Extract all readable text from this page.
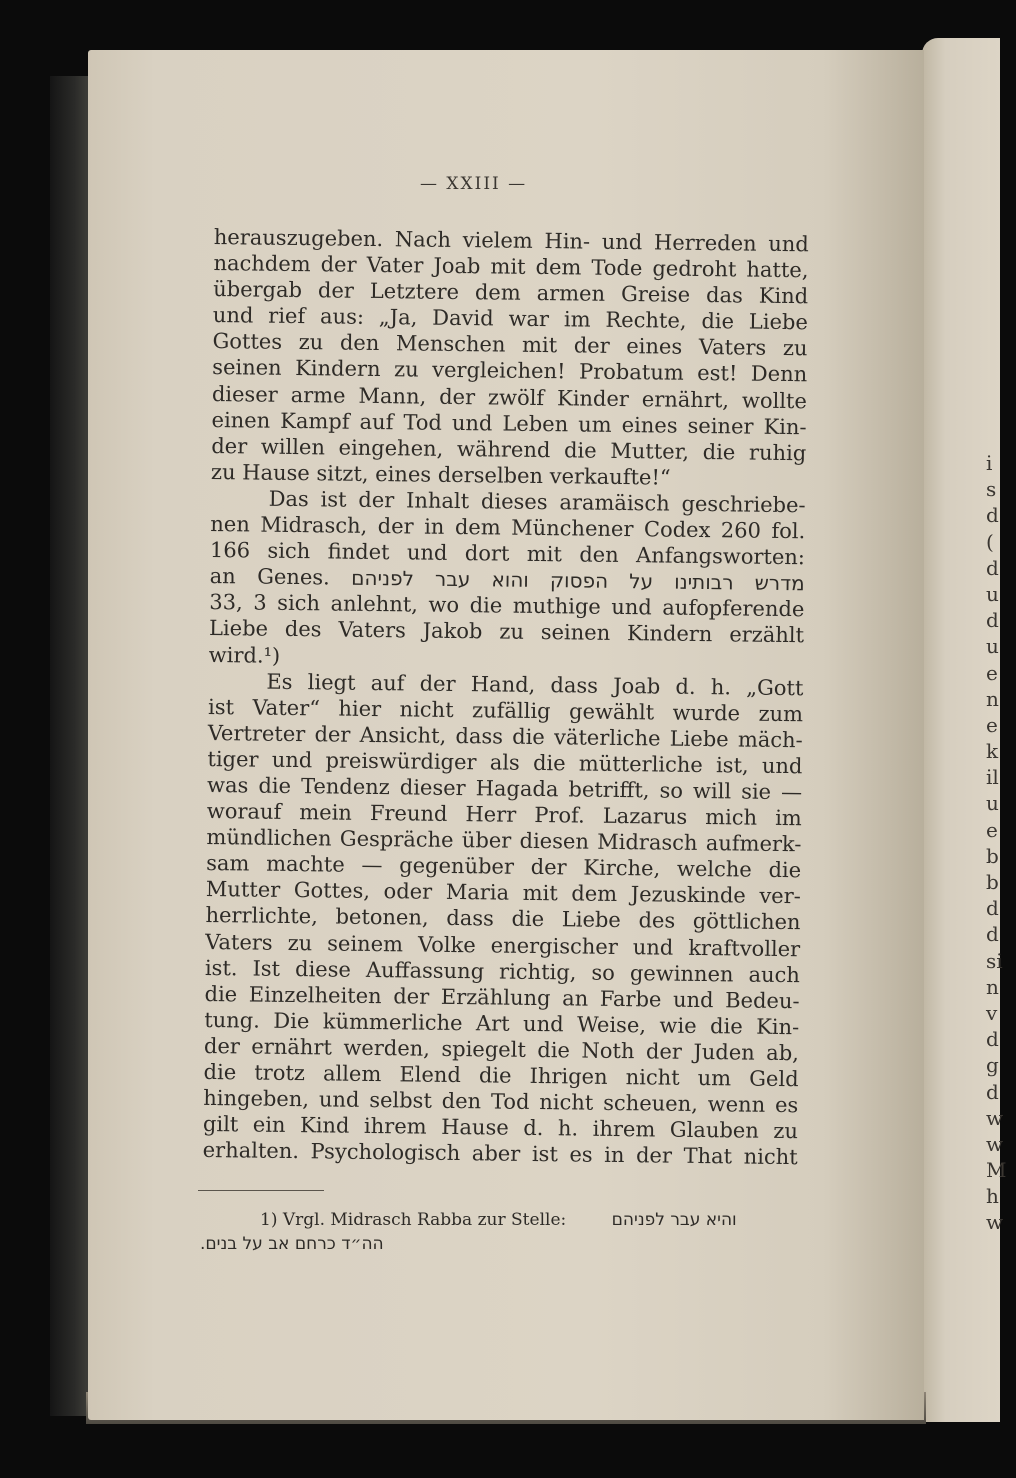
i
s
d
(
d
u
d
u
e
n
e
k
il
u
e
b
b
d
d
si
n
v
d
g
d
w
w
M
h
w
— XXIII —
herauszugeben. Nach vielem Hin- und Herreden und
nachdem der Vater Joab mit dem Tode gedroht hatte,
übergab der Letztere dem armen Greise das Kind
und rief aus: „Ja, David war im Rechte, die Liebe
Gottes zu den Menschen mit der eines Vaters zu
seinen Kindern zu vergleichen! Probatum est! Denn
dieser arme Mann, der zwölf Kinder ernährt, wollte
einen Kampf auf Tod und Leben um eines seiner Kin-
der willen eingehen, während die Mutter, die ruhig
zu Hause sitzt, eines derselben verkaufte!“
Das ist der Inhalt dieses aramäisch geschriebe-
nen Midrasch, der in dem Münchener Codex 260 fol.
166 sich findet und dort mit den Anfangsworten:
an Genes. מדרש רבותינו על הפסוק והוא עבר לפניהם
33, 3 sich anlehnt, wo die muthige und aufopferende
Liebe des Vaters Jakob zu seinen Kindern erzählt
wird.¹)
Es liegt auf der Hand, dass Joab d. h. „Gott
ist Vater“ hier nicht zufällig gewählt wurde zum
Vertreter der Ansicht, dass die väterliche Liebe mäch-
tiger und preiswürdiger als die mütterliche ist, und
was die Tendenz dieser Hagada betrifft, so will sie —
worauf mein Freund Herr Prof. Lazarus mich im
mündlichen Gespräche über diesen Midrasch aufmerk-
sam machte — gegenüber der Kirche, welche die
Mutter Gottes, oder Maria mit dem Jezuskinde ver-
herrlichte, betonen, dass die Liebe des göttlichen
Vaters zu seinem Volke energischer und kraftvoller
ist. Ist diese Auffassung richtig, so gewinnen auch
die Einzelheiten der Erzählung an Farbe und Bedeu-
tung. Die kümmerliche Art und Weise, wie die Kin-
der ernährt werden, spiegelt die Noth der Juden ab,
die trotz allem Elend die Ihrigen nicht um Geld
hingeben, und selbst den Tod nicht scheuen, wenn es
gilt ein Kind ihrem Hause d. h. ihrem Glauben zu
erhalten. Psychologisch aber ist es in der That nicht
1) Vrgl. Midrasch Rabba zur Stelle:	והיא עבר לפניהם
הה״ד כרחם אב על בנים.
